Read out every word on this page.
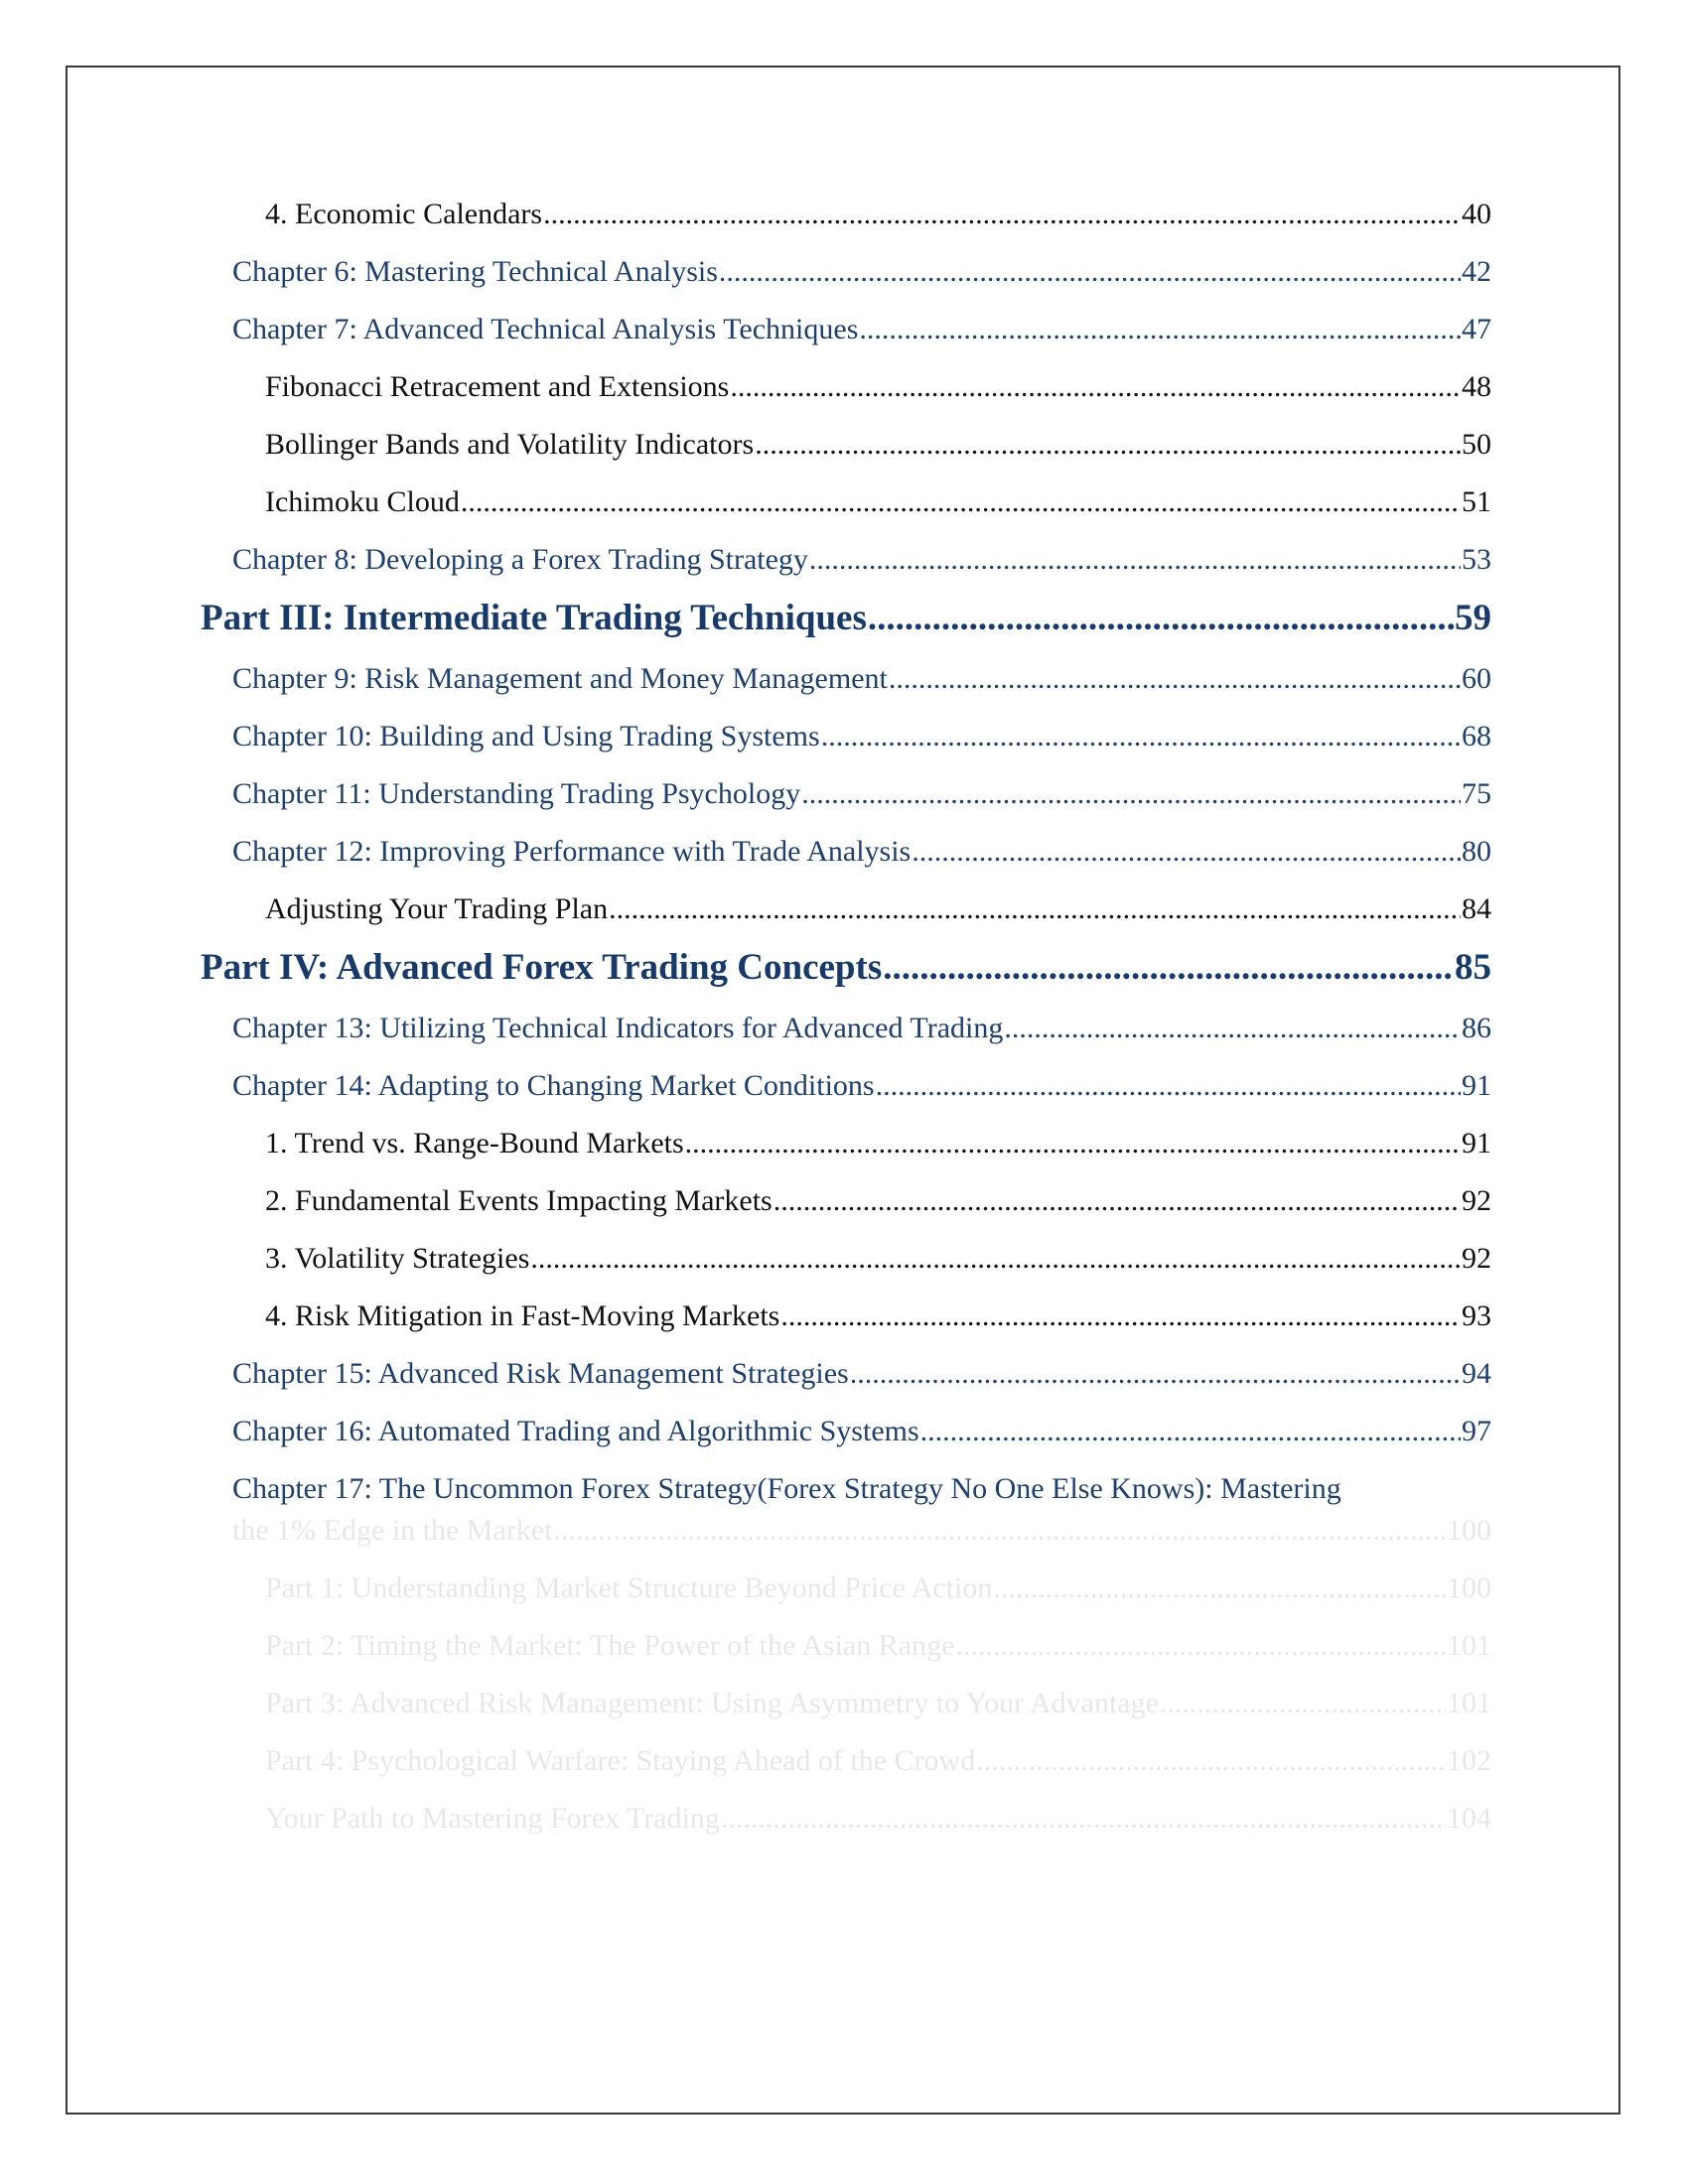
4. Economic Calendars .....	40
Chapter 6: Mastering Technical Analysis .....	42
Chapter 7: Advanced Technical Analysis Techniques .....	47
Fibonacci Retracement and Extensions .....	48
Bollinger Bands and Volatility Indicators .....	50
Ichimoku Cloud .....	51
Chapter 8: Developing a Forex Trading Strategy .....	53
Part III: Intermediate Trading Techniques .....	59
Chapter 9: Risk Management and Money Management .....	60
Chapter 10: Building and Using Trading Systems .....	68
Chapter 11: Understanding Trading Psychology .....	75
Chapter 12: Improving Performance with Trade Analysis .....	80
Adjusting Your Trading Plan .....	84
Part IV: Advanced Forex Trading Concepts .....	85
Chapter 13: Utilizing Technical Indicators for Advanced Trading .....	86
Chapter 14: Adapting to Changing Market Conditions .....	91
1. Trend vs. Range-Bound Markets .....	91
2. Fundamental Events Impacting Markets .....	92
3. Volatility Strategies .....	92
4. Risk Mitigation in Fast-Moving Markets .....	93
Chapter 15: Advanced Risk Management Strategies .....	94
Chapter 16: Automated Trading and Algorithmic Systems .....	97
Chapter 17: The Uncommon Forex Strategy(Forex Strategy No One Else Knows): Mastering
the 1% Edge in the Market .....	100
Part 1: Understanding Market Structure Beyond Price Action .....	100
Part 2: Timing the Market: The Power of the Asian Range .....	101
Part 3: Advanced Risk Management: Using Asymmetry to Your Advantage .....	101
Part 4: Psychological Warfare: Staying Ahead of the Crowd .....	102
Your Path to Mastering Forex Trading .....	104
